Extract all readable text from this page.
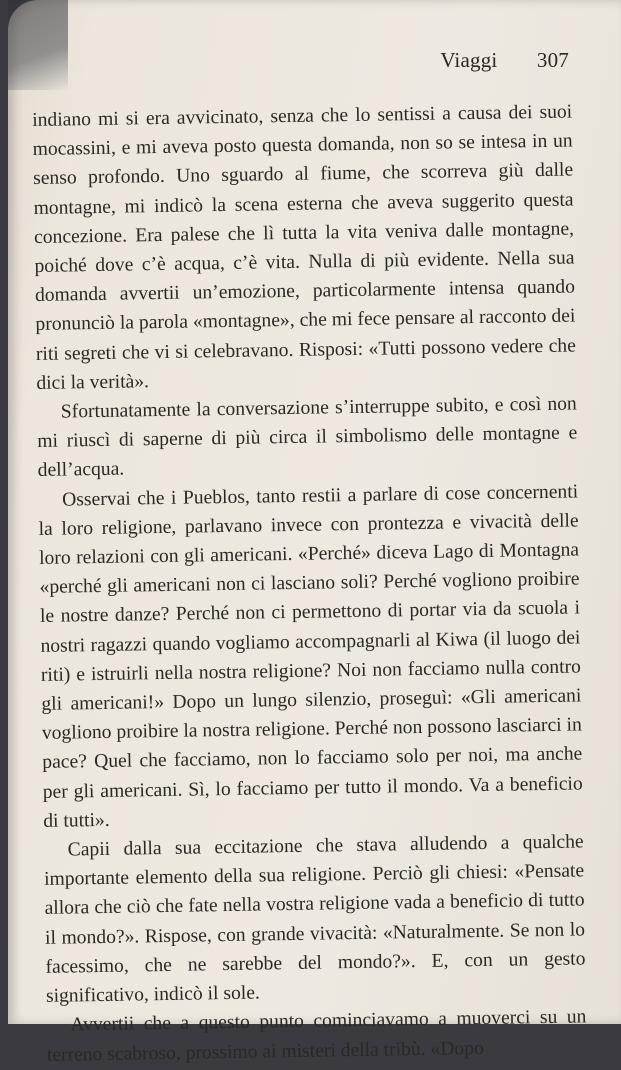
Viaggi 307

indiano mi si era avvicinato, senza che lo sentissi a causa dei suoi mocassini, e mi aveva posto questa domanda, non so se intesa in un senso profondo. Uno sguardo al fiume, che scorreva giù dalle montagne, mi indicò la scena esterna che aveva suggerito questa concezione. Era palese che lì tutta la vita veniva dalle montagne, poiché dove c’è acqua, c’è vita. Nulla di più evidente. Nella sua domanda avvertii un’emozione, particolarmente intensa quando pronunciò la parola «montagne», che mi fece pensare al racconto dei riti segreti che vi si celebravano. Risposi: «Tutti possono vedere che dici la verità».

Sfortunatamente la conversazione s’interruppe subito, e così non mi riuscì di saperne di più circa il simbolismo delle montagne e dell’acqua.

Osservai che i Pueblos, tanto restii a parlare di cose concernenti la loro religione, parlavano invece con prontezza e vivacità delle loro relazioni con gli americani. «Perché» diceva Lago di Montagna «perché gli americani non ci lasciano soli? Perché vogliono proibire le nostre danze? Perché non ci permettono di portar via da scuola i nostri ragazzi quando vogliamo accompagnarli al Kiwa (il luogo dei riti) e istruirli nella nostra religione? Noi non facciamo nulla contro gli americani!» Dopo un lungo silenzio, proseguì: «Gli americani vogliono proibire la nostra religione. Perché non possono lasciarci in pace? Quel che facciamo, non lo facciamo solo per noi, ma anche per gli americani. Sì, lo facciamo per tutto il mondo. Va a beneficio di tutti».

Capii dalla sua eccitazione che stava alludendo a qualche importante elemento della sua religione. Perciò gli chiesi: «Pensate allora che ciò che fate nella vostra religione vada a beneficio di tutto il mondo?». Rispose, con grande vivacità: «Naturalmente. Se non lo facessimo, che ne sarebbe del mondo?». E, con un gesto significativo, indicò il sole.

Avvertii che a questo punto cominciavamo a muoverci su un terreno scabroso, prossimo ai misteri della tribù. «Dopo
